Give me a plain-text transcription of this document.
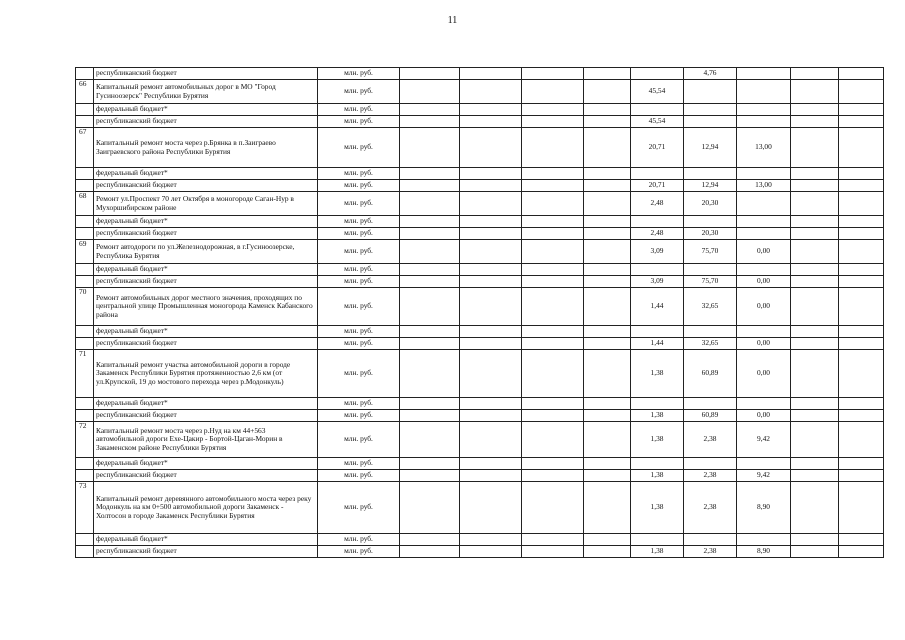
11
	республиканский бюджет	млн. руб.						4,76			
66	Капитальный ремонт автомобильных дорог в МО "Город Гусиноозерск" Республики Бурятия	млн. руб.					45,54				
	федеральный бюджет*	млн. руб.									
	республиканский бюджет	млн. руб.					45,54				
67	Капитальный ремонт моста через р.Брянка в п.Заиграево Заиграевского района Республики Бурятия	млн. руб.					20,71	12,94	13,00		
	федеральный бюджет*	млн. руб.									
	республиканский бюджет	млн. руб.					20,71	12,94	13,00		
68	Ремонт ул.Проспект 70 лет Октября в моногороде Саган-Нур в Мухоршибирском районе	млн. руб.					2,48	20,30			
	федеральный бюджет*	млн. руб.									
	республиканский бюджет	млн. руб.					2,48	20,30			
69	Ремонт автодороги по ул.Железнодорожная, в г.Гусиноозерске, Республика Бурятия	млн. руб.					3,09	75,70	0,00		
	федеральный бюджет*	млн. руб.									
	республиканский бюджет	млн. руб.					3,09	75,70	0,00		
70	Ремонт автомобильных дорог местного значения, проходящих по центральной улице Промышленная моногорода Каменск Кабанского района	млн. руб.					1,44	32,65	0,00		
	федеральный бюджет*	млн. руб.									
	республиканский бюджет	млн. руб.					1,44	32,65	0,00		
71	Капитальный ремонт участка автомобильной дороги в городе Закаменск Республики Бурятия протяженностью 2,6 км (от ул.Крупской, 19 до мостового перехода через р.Модонкуль)	млн. руб.					1,38	60,89	0,00		
	федеральный бюджет*	млн. руб.									
	республиканский бюджет	млн. руб.					1,38	60,89	0,00		
72	Капитальный ремонт моста через р.Нуд на км 44+563 автомобильной дороги Ехе-Цакир - Бортой-Цаган-Морин в Закаменском районе Республики Бурятия	млн. руб.					1,38	2,38	9,42		
	федеральный бюджет*	млн. руб.									
	республиканский бюджет	млн. руб.					1,38	2,38	9,42		
73	Капитальный ремонт деревянного автомобильного моста через реку Модонкуль на км 0+500 автомобильной дороги Закаменск - Холтосон в городе Закаменск Республики Бурятия	млн. руб.					1,38	2,38	8,90		
	федеральный бюджет*	млн. руб.									
	республиканский бюджет	млн. руб.					1,38	2,38	8,90		
